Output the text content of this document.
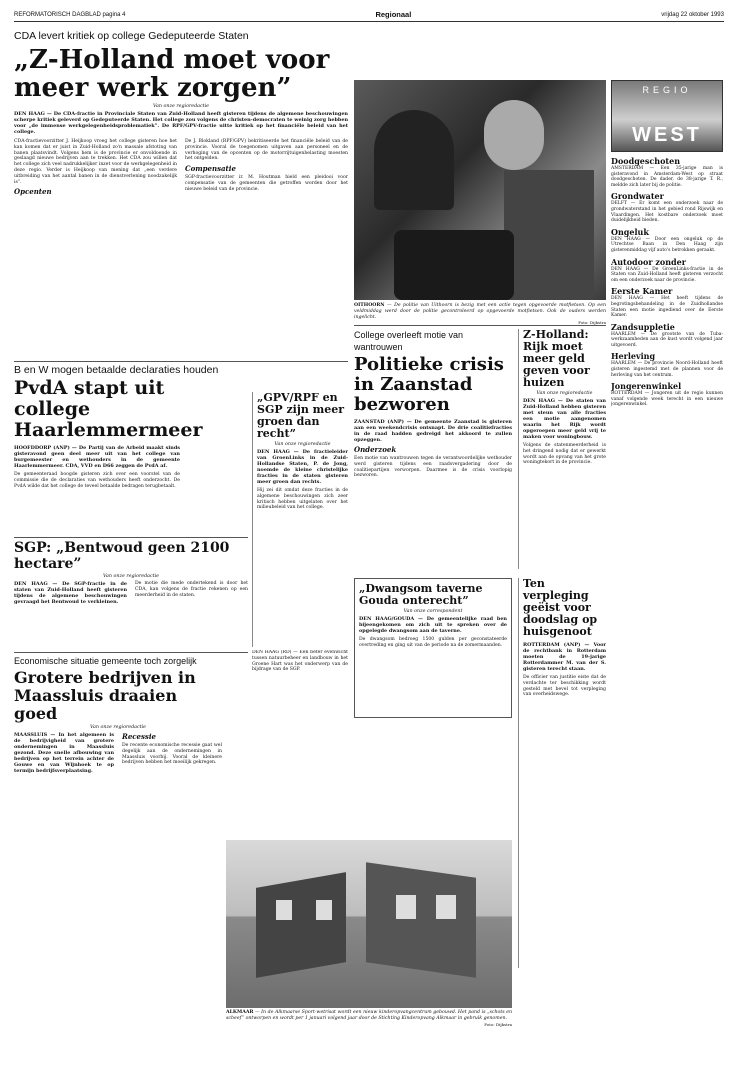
REFORMATORISCH DAGBLAD pagina 4	Regionaal	vrijdag 22 oktober 1993
CDA levert kritiek op college Gedeputeerde Staten
„Z-Holland moet voor meer werk zorgen”
Van onze regioredactie
DEN HAAG — De CDA-fractie in Provinciale Staten van Zuid-Holland heeft gisteren tijdens de algemene beschouwingen scherpe kritiek geleverd op Gedeputeerde Staten. Het college zou volgens de christen-democraten te weinig zorg hebben voor „de immense werkgelegenheidsproblematiek”. De RPF/GPV-fractie uitte kritiek op het financiële beleid van het college.
CDA-fractievoorzitter J. Heijkoop vroeg het college gisteren hoe het kan komen dat er juist in Zuid-Holland zo'n massale afstoting van banen plaatsvindt. Volgens hem is de provincie er onvoldoende in geslaagd nieuwe bedrijven aan te trekken. Het CDA zou willen dat het college zich veel nadrukkelijker inzet voor de werkgelegenheid in deze regio. Verder is Heijkoop van mening dat „een verdere uitbreiding van het aantal banen in de dienstverlening noodzakelijk is”.
Opcenten
De J. Blokland (RPF/GPV) bekritiseerde het financiële beleid van de provincie. Vooral de toegenomen uitgaven aan personeel en de verhoging van de opcenten op de motorrijtuigenbelasting moesten het ontgelden.
Compensatie
SGP-fractievoorzitter ir. M. Houtman hield een pleidooi voor compensatie van de gemeenten die getroffen worden door het nieuwe beleid van de provincie.
OITHOORN — De politie van Uithoorn is bezig met een actie tegen opgevoerde motfietsen. Op een veldmiddag werd door de politie gecontroleerd op opgevoerde motfietsen. Ook de ouders werden ingelicht.
Foto: Dijkstra
REGIO
WEST
Doodgeschoten
AMSTERDAM — Een 35-jarige man is gisteravond in Amsterdam-West op straat doodgeschoten. De dader, de 38-jarige T. R., meldde zich later bij de politie.
Grondwater
DELFT — Er komt een onderzoek naar de grondwaterstand in het gebied rond Rijswijk en Vlaardingen. Het kostbare onderzoek moet duidelijkheid bieden.
Ongeluk
DEN HAAG — Door een ongeluk op de Utrechtse Baan in Den Haag zijn gisterenmiddag vijf auto's betrokken geraakt.
Autodoor zonder
DEN HAAG — De GroenLinks-fractie in de Staten van Zuid-Holland heeft gisteren verzocht om een onderzoek naar de provincie.
Eerste Kamer
DEN HAAG — Het heeft tijdens de begrotingsbehandeling in de Zuidhollandse Staten een motie ingediend over de Eerste Kamer.
Zandsuppletie
HAARLEM — De grootste van de Tuba-werkzaamheden aan de kust wordt volgend jaar uitgevoerd.
Herleving
HAARLEM — De provincie Noord-Holland heeft gisteren ingestemd met de plannen voor de herleving van het centrum.
Jongerenwinkel
ROTTERDAM — Jongeren uit de regio kunnen vanaf volgende week terecht in een nieuwe jongerenwinkel.
B en W mogen betaalde declaraties houden
PvdA stapt uit college Haarlemmermeer
HOOFDDORP (ANP) — De Partij van de Arbeid maakt sinds gisteravond geen deel meer uit van het college van burgemeester en wethouders in de gemeente Haarlemmermeer. CDA, VVD en D66 zeggen de PvdA af.
De gemeenteraad boogde gisteren zich over een voorstel van de commissie die de declaraties van wethouders heeft onderzocht. De PvdA wilde dat het college de teveel betaalde bedragen terugbetaalt.
„GPV/RPF en SGP zijn meer groen dan recht”
Van onze regioredactie
DEN HAAG — De fractieleider van GroenLinks in de Zuid-Hollandse Staten, P. de Jong, noemde de kleine christelijke fracties in de staten gisteren meer groen dan rechts.
Hij zei dit omdat deze fracties in de algemene beschouwingen zich zeer kritisch hebben uitgelaten over het milieubeleid van het college.
College overleeft motie van wantrouwen
Politieke crisis in Zaanstad bezworen
ZAANSTAD (ANP) — De gemeente Zaanstad is gisteren aan een weekendcrisis ontsnapt. De drie coalitiefracties in de raad hadden gedreigd het akkoord te zullen opzeggen.
Onderzoek
Een motie van wantrouwen tegen de verantwoordelijke wethouder werd gisteren tijdens een raadsvergadering door de coalitiepartijen verworpen. Daarmee is de crisis voorlopig bezworen.
Z-Holland: Rijk moet meer geld geven voor huizen
Van onze regioredactie
DEN HAAG — De staten van Zuid-Holland hebben gisteren met steun van alle fracties een motie aangenomen waarin het Rijk wordt opgeroepen meer geld vrij te maken voor woningbouw.
Volgens de statenmeerderheid is het dringend nodig dat er gewerkt wordt aan de opvang van het grote woningtekort in de provincie.
„Dwangsom taverne Gouda onterecht”
Van onze correspondent
DEN HAAG/GOUDA — De gemeentelijke raad ben bijeengekomen om zich uit te spreken over de opgelegde dwangsom aan de taverne.
De dwangsom bedroeg 1500 gulden per geconstateerde overtreding en ging uit van de periode na de zomermaanden.
Ten verpleging geëist voor doodslag op huisgenoot
ROTTERDAM (ANP) — Voor de rechtbank in Rotterdam moeten de 19-jarige Rotterdammer M. van der S. gisteren terecht staan.
De officier van justitie eiste dat de verdachte ter beschikking wordt gesteld met bevel tot verpleging van overheidswege.
SGP: „Bentwoud geen 2100 hectare”
Van onze regioredactie
DEN HAAG — De SGP-fractie in de staten van Zuid-Holland heeft gisteren tijdens de algemene beschouwingen gevraagd het Bentwoud te verkleinen.
De motie die mede ondertekend is door het CDA, kan volgens de fractie rekenen op een meerderheid in de staten.
DEN HAAG (RD) — Een beter evenwicht tussen natuurbeheer en landbouw in het Groene Hart was het onderwerp van de bijdrage van de SGP.
Economische situatie gemeente toch zorgelijk
Grotere bedrijven in Maassluis draaien goed
Van onze regioredactie
MAASSLUIS — In het algemeen is de bedrijvigheid van grotere ondernemingen in Maassluis gezond. Deze snelle afbouwing van bedrijven op het terrein achter de Gouwe en van Wijnhoek te op termijn bedrijfsverplaatsing.
Recessie
De recente economische recessie gaat wel degelijk aan de ondernemingen in Maassluis voorbij. Vooral de kleinere bedrijven hebben het moeilijk gekregen.
ALKMAAR — In de Alkmaarse Sport-wetrisat wordt een nieuw kinderopvangcentrum gebouwd. Het pand is „schots en scheef” ontworpen en wordt per 1 januari volgend jaar door de Stichting Kinderopvang Alkmaar in gebruik genomen.
Foto: Dijkstra
